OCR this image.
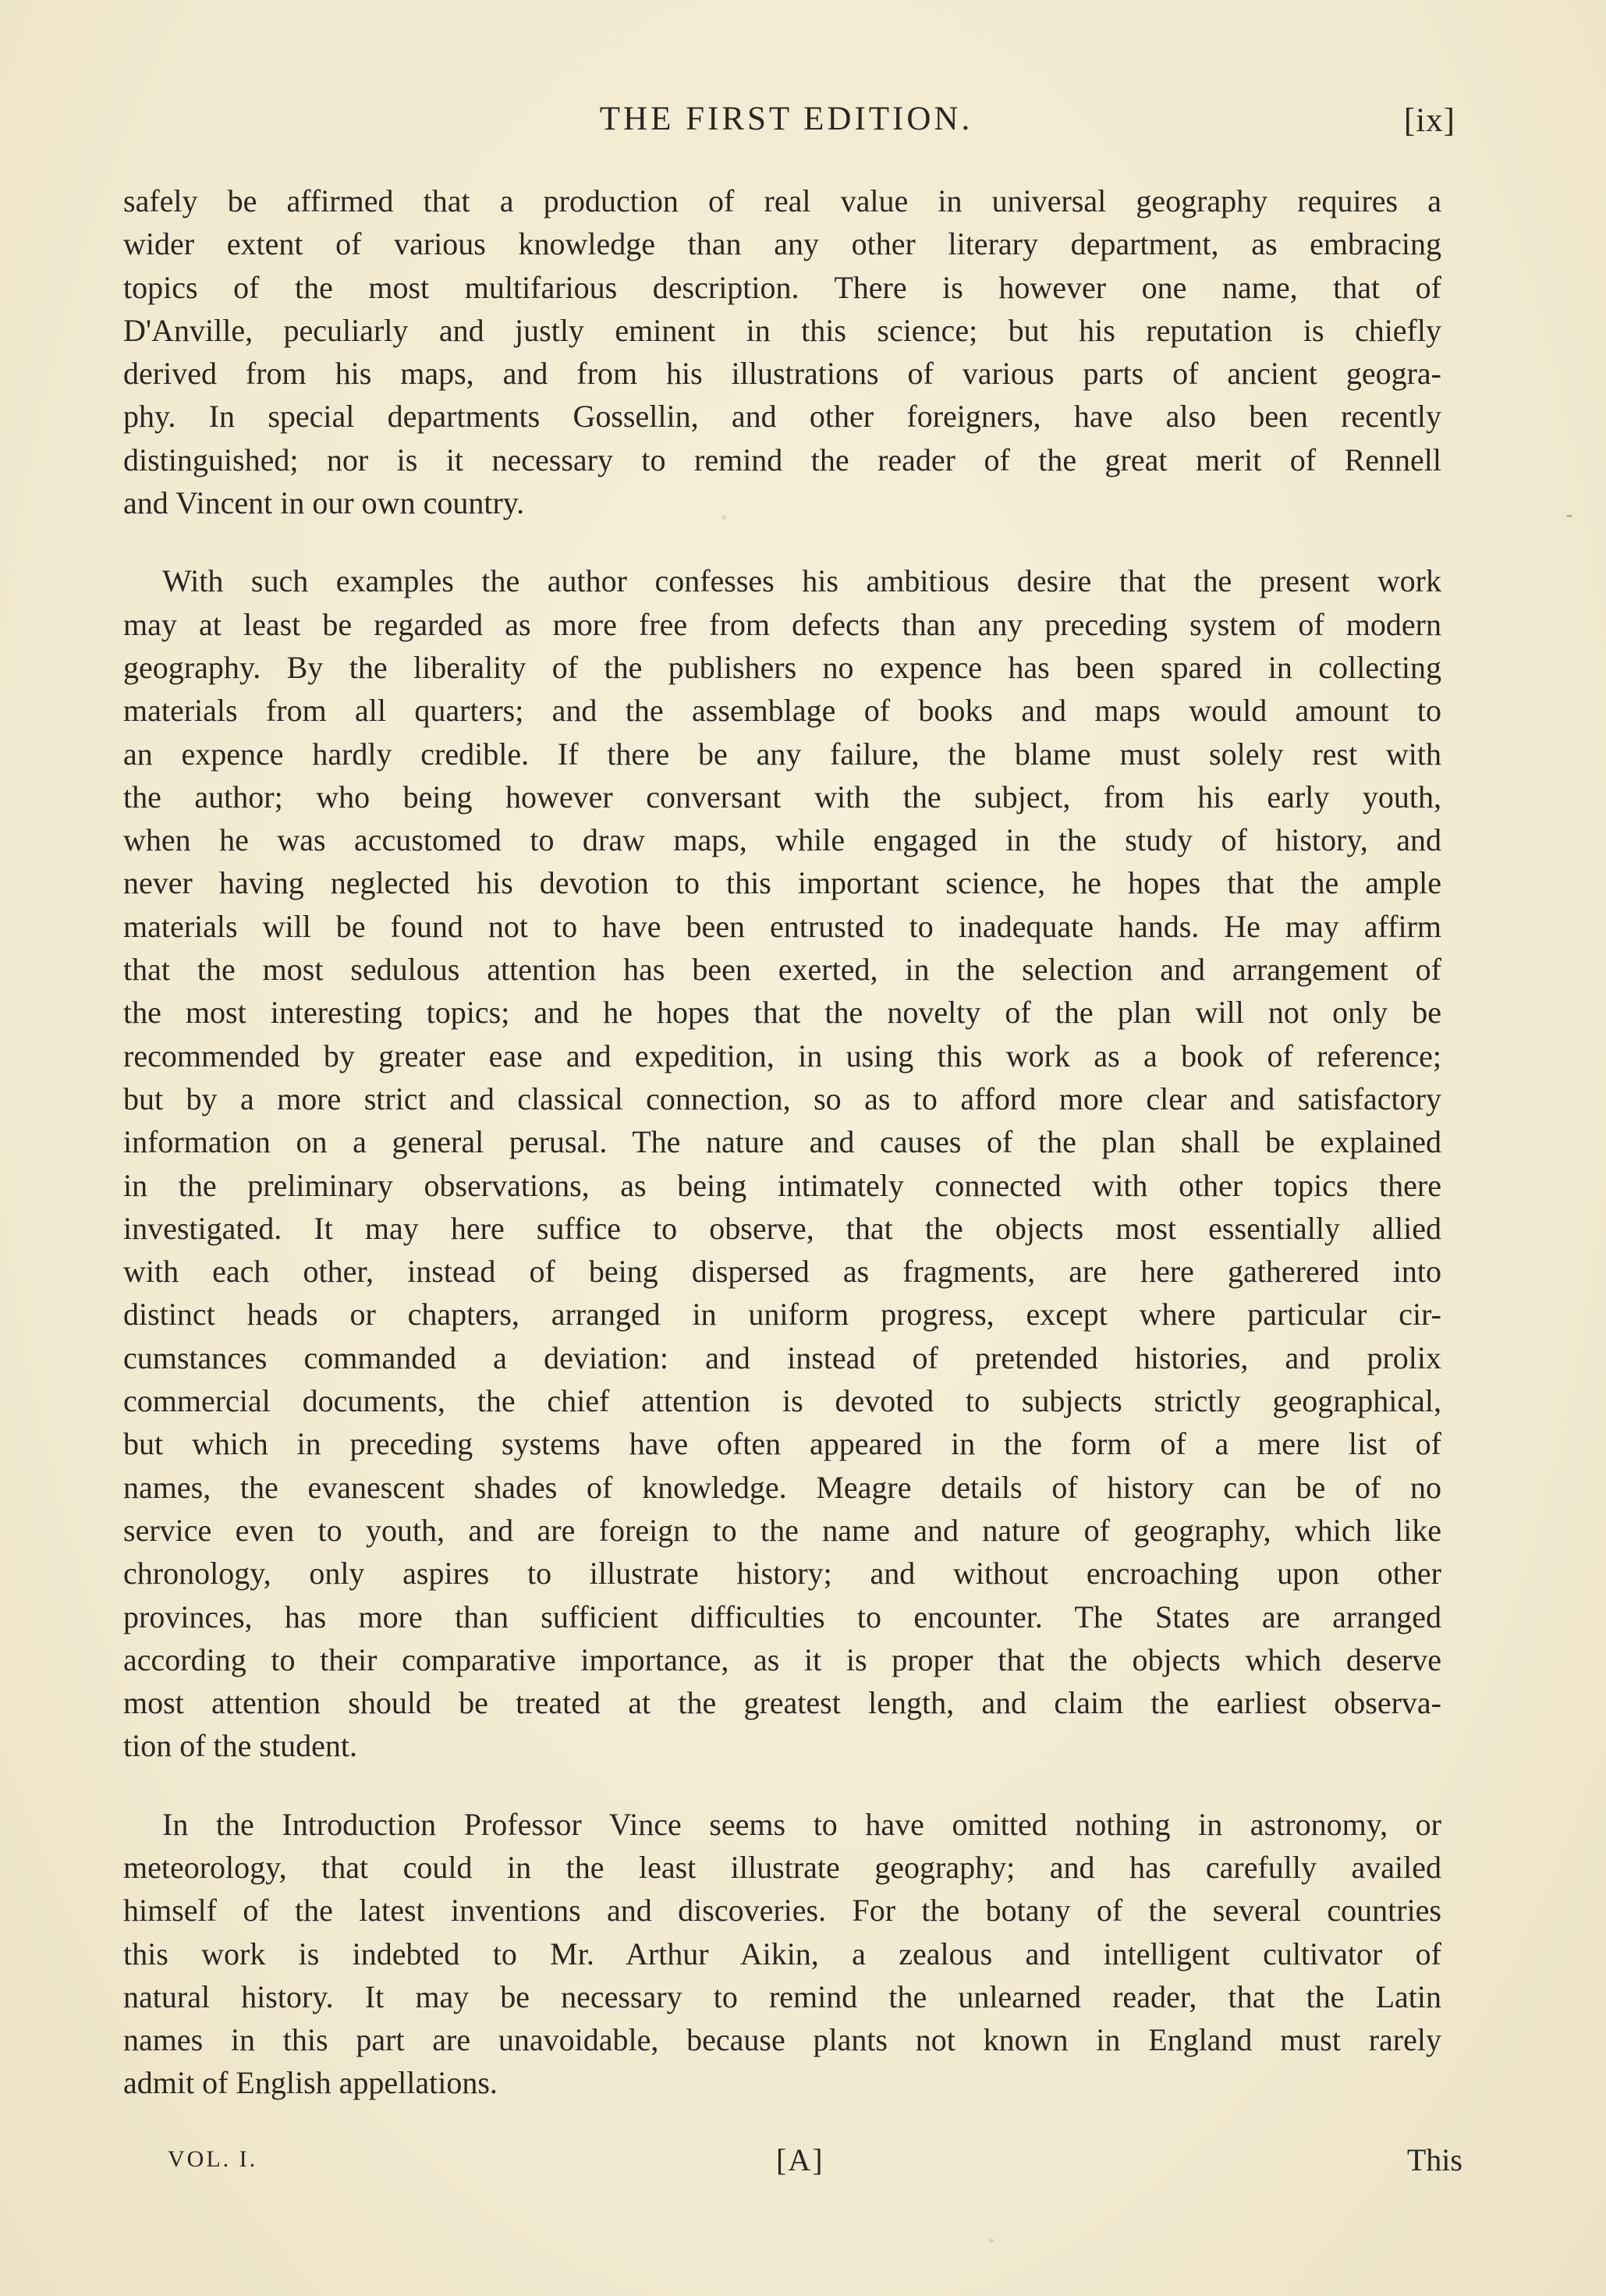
THE FIRST EDITION.	[ix]
safely be affirmed that a production of real value in universal geography requires a
wider extent of various knowledge than any other literary department, as embracing
topics of the most multifarious description. There is however one name, that of
D'Anville, peculiarly and justly eminent in this science; but his reputation is chiefly
derived from his maps, and from his illustrations of various parts of ancient geogra-
phy. In special departments Gossellin, and other foreigners, have also been recently
distinguished; nor is it necessary to remind the reader of the great merit of Rennell
and Vincent in our own country.
With such examples the author confesses his ambitious desire that the present work
may at least be regarded as more free from defects than any preceding system of modern
geography. By the liberality of the publishers no expence has been spared in collecting
materials from all quarters; and the assemblage of books and maps would amount to
an expence hardly credible. If there be any failure, the blame must solely rest with
the author; who being however conversant with the subject, from his early youth,
when he was accustomed to draw maps, while engaged in the study of history, and
never having neglected his devotion to this important science, he hopes that the ample
materials will be found not to have been entrusted to inadequate hands. He may affirm
that the most sedulous attention has been exerted, in the selection and arrangement of
the most interesting topics; and he hopes that the novelty of the plan will not only be
recommended by greater ease and expedition, in using this work as a book of reference;
but by a more strict and classical connection, so as to afford more clear and satisfactory
information on a general perusal. The nature and causes of the plan shall be explained
in the preliminary observations, as being intimately connected with other topics there
investigated. It may here suffice to observe, that the objects most essentially allied
with each other, instead of being dispersed as fragments, are here gatherered into
distinct heads or chapters, arranged in uniform progress, except where particular cir-
cumstances commanded a deviation: and instead of pretended histories, and prolix
commercial documents, the chief attention is devoted to subjects strictly geographical,
but which in preceding systems have often appeared in the form of a mere list of
names, the evanescent shades of knowledge. Meagre details of history can be of no
service even to youth, and are foreign to the name and nature of geography, which like
chronology, only aspires to illustrate history; and without encroaching upon other
provinces, has more than sufficient difficulties to encounter. The States are arranged
according to their comparative importance, as it is proper that the objects which deserve
most attention should be treated at the greatest length, and claim the earliest observa-
tion of the student.
In the Introduction Professor Vince seems to have omitted nothing in astronomy, or
meteorology, that could in the least illustrate geography; and has carefully availed
himself of the latest inventions and discoveries. For the botany of the several countries
this work is indebted to Mr. Arthur Aikin, a zealous and intelligent cultivator of
natural history. It may be necessary to remind the unlearned reader, that the Latin
names in this part are unavoidable, because plants not known in England must rarely
admit of English appellations.
VOL. I.	[A]	This
